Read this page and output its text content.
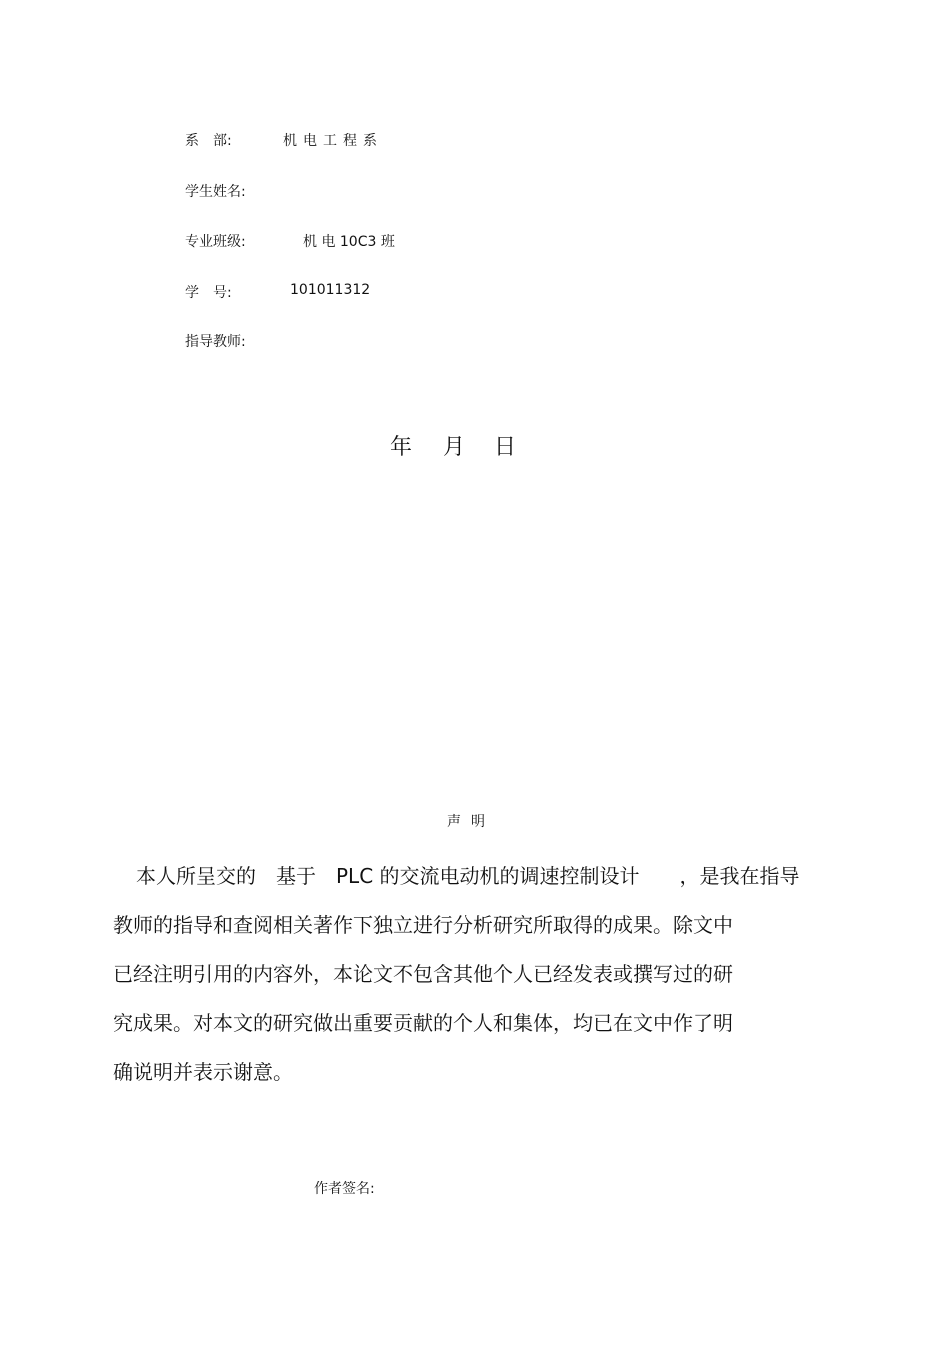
系　部:	机电工程系
学生姓名:
专业班级:	机 电 10C3 班
学　号:	101011312
指导教师:
年 月 日
声明
本人所呈交的　基于　PLC 的交流电动机的调速控制设计　　，是我在指导
教师的指导和查阅相关著作下独立进行分析研究所取得的成果。除文中
已经注明引用的内容外，本论文不包含其他个人已经发表或撰写过的研
究成果。对本文的研究做出重要贡献的个人和集体，均已在文中作了明
确说明并表示谢意。
作者签名:
